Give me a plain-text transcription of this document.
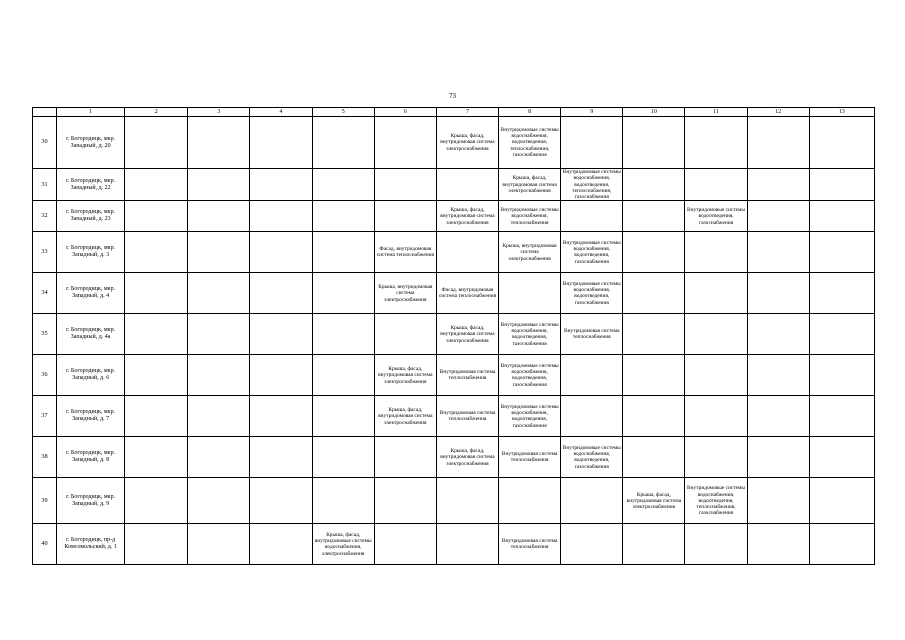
73
	1	2	3	4	5	6	7	8	9	10	11	12	13
30	г. Богородицк, мкр. Западный, д. 20						Крыша, фасад, внутридомовая система электроснабжения	Внутридомовые системы водоснабжения, водоотведения, теплоснабжения, газоснабжения					
31	г. Богородицк, мкр. Западный, д. 22							Крыша, фасад, внутридомовая система электроснабжения	Внутридомовые системы водоснабжения, водоотведения, теплоснабжения, газоснабжения				
32	г. Богородицк, мкр. Западный, д. 23						Крыша, фасад, внутридомовая система электроснабжения	Внутридомовые системы водоснабжения, теплоснабжения			Внутридомовые системы водоотведения, газоснабжения		
33	г. Богородицк, мкр. Западный, д. 3					Фасад, внутридомовая система теплоснабжения		Крыша, внутридомовая система электроснабжения	Внутридомовые системы водоснабжения, водоотведения, газоснабжения				
34	г. Богородицк, мкр. Западный, д. 4					Крыша, внутридомовая система электроснабжения	Фасад, внутридомовая система теплоснабжения		Внутридомовые системы водоснабжения, водоотведения, газоснабжения				
35	г. Богородицк, мкр. Западный, д. 4а						Крыша, фасад, внутридомовая система электроснабжения	Внутридомовые системы водоснабжения, водоотведения, газоснабжения	Внутридомовая система теплоснабжения				
36	г. Богородицк, мкр. Западный, д. 6					Крыша, фасад, внутридомовая система электроснабжения	Внутридомовая система теплоснабжения	Внутридомовые системы водоснабжения, водоотведения, газоснабжения					
37	г. Богородицк, мкр. Западный, д. 7					Крыша, фасад, внутридомовая система электроснабжения	Внутридомовая система теплоснабжения	Внутридомовые системы водоснабжения, водоотведения, газоснабжения					
38	г. Богородицк, мкр. Западный, д. 8						Крыша, фасад, внутридомовая система электроснабжения	Внутридомовая система теплоснабжения	Внутридомовые системы водоснабжения, водоотведения, газоснабжения				
39	г. Богородицк, мкр. Западный, д. 9									Крыша, фасад, внутридомовая система электроснабжения	Внутридомовые системы водоснабжения, водоотведения, теплоснабжения, газоснабжения		
40	г. Богородицк, пр-д Комсомольский, д. 1				Крыша, фасад, внутридомовые системы водоснабжения, электроснабжения			Внутридомовая система теплоснабжения					
